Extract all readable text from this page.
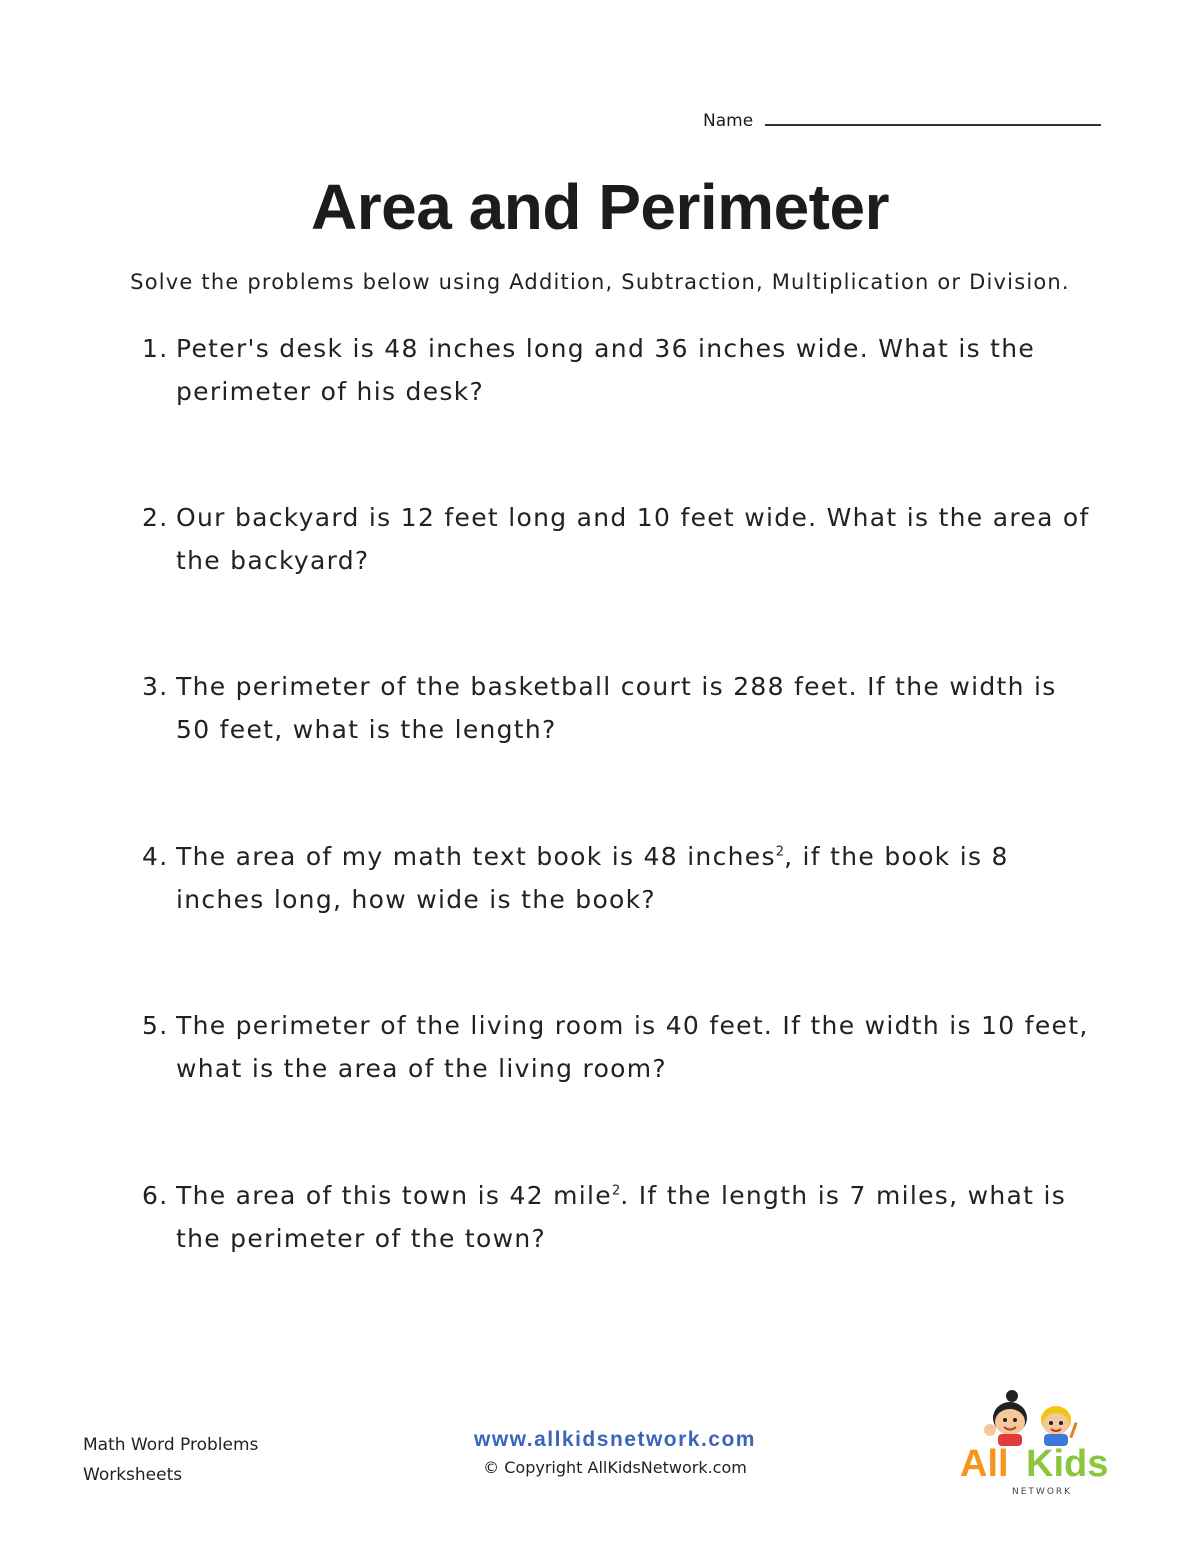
Name
Area and Perimeter
Solve the problems below using Addition, Subtraction, Multiplication or Division.
1. Peter's desk is 48 inches long and 36 inches wide. What is the perimeter of his desk?
2. Our backyard is 12 feet long and 10 feet wide. What is the area of the backyard?
3. The perimeter of the basketball court is 288 feet. If the width is 50 feet, what is the length?
4. The area of my math text book is 48 inches$^2$, if the book is 8 inches long, how wide is the book?
5. The perimeter of the living room is 40 feet. If the width is 10 feet, what is the area of the living room?
6. The area of this town is 42 mile$^2$. If the length is 7 miles, what is the perimeter of the town?
Math Word Problems
Worksheets
www.allkidsnetwork.com
© Copyright AllKidsNetwork.com	All Kids
NETWORK
